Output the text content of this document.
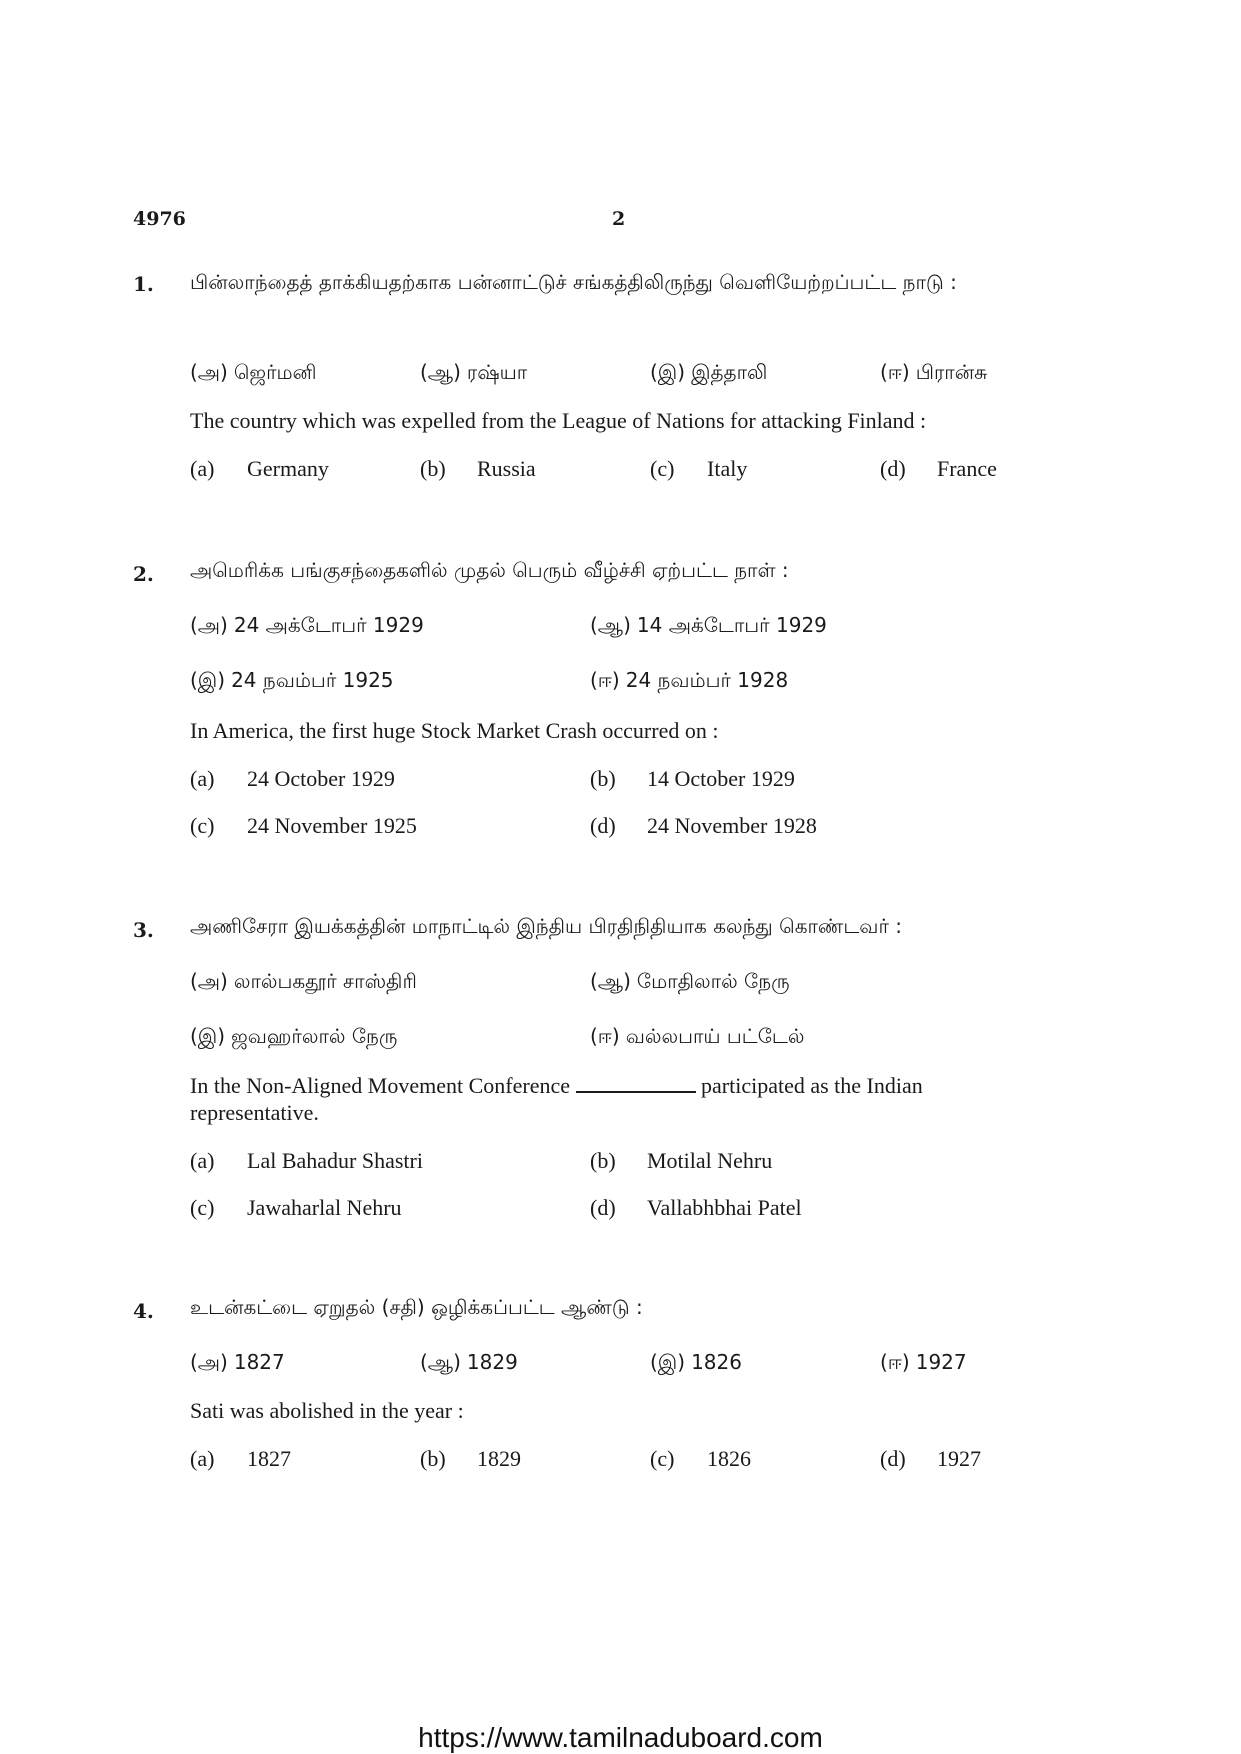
4976	2
1. பின்லாந்தைத் தாக்கியதற்காக பன்னாட்டுச் சங்கத்திலிருந்து வெளியேற்றப்பட்ட நாடு :
(அ) ஜெர்மனி	(ஆ) ரஷ்யா	(இ) இத்தாலி	(ஈ) பிரான்சு
The country which was expelled from the League of Nations for attacking Finland :
(a) Germany	(b) Russia	(c) Italy	(d) France
2. அமெரிக்க பங்குசந்தைகளில் முதல் பெரும் வீழ்ச்சி ஏற்பட்ட நாள் :
(அ) 24 அக்டோபர் 1929	(ஆ) 14 அக்டோபர் 1929
(இ) 24 நவம்பர் 1925	(ஈ) 24 நவம்பர் 1928
In America, the first huge Stock Market Crash occurred on :
(a) 24 October 1929	(b) 14 October 1929
(c) 24 November 1925	(d) 24 November 1928
3. அணிசேரா இயக்கத்தின் மாநாட்டில் இந்திய பிரதிநிதியாக கலந்து கொண்டவர் :
(அ) லால்பகதூர் சாஸ்திரி	(ஆ) மோதிலால் நேரு
(இ) ஜவஹர்லால் நேரு	(ஈ) வல்லபாய் பட்டேல்
In the Non-Aligned Movement Conference	participated as the Indian
representative.
(a) Lal Bahadur Shastri	(b) Motilal Nehru
(c) Jawaharlal Nehru	(d) Vallabhbhai Patel
4. உடன்கட்டை ஏறுதல் (சதி) ஒழிக்கப்பட்ட ஆண்டு :
(அ) 1827	(ஆ) 1829	(இ) 1826	(ஈ) 1927
Sati was abolished in the year :
(a) 1827	(b) 1829	(c) 1826	(d) 1927
https://www.tamilnaduboard.com
